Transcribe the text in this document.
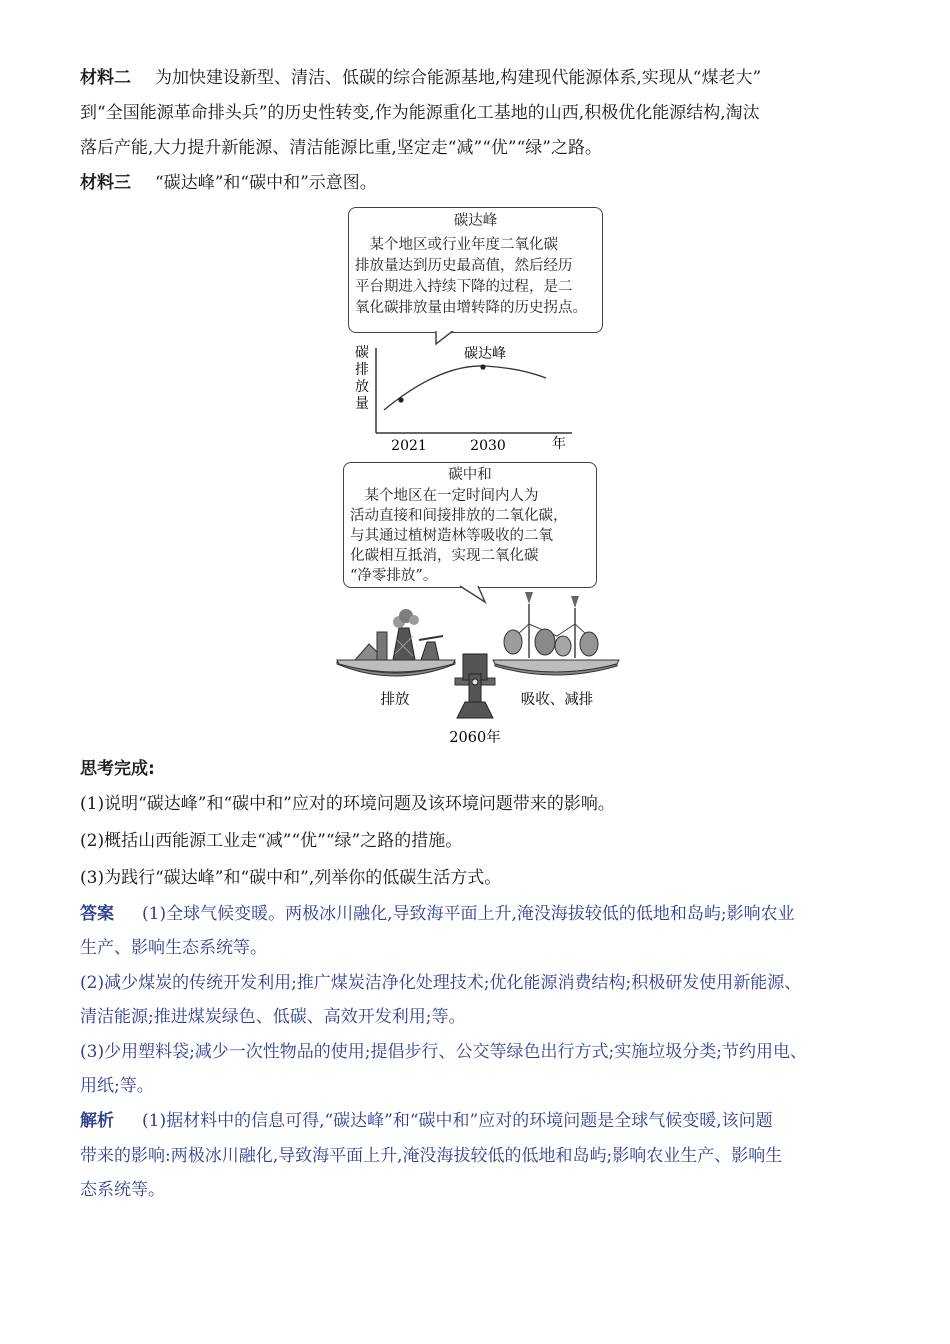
材料二 为加快建设新型、清洁、低碳的综合能源基地,构建现代能源体系,实现从“煤老大”
到“全国能源革命排头兵”的历史性转变,作为能源重化工基地的山西,积极优化能源结构,淘汰
落后产能,大力提升新能源、清洁能源比重,坚定走“减”“优”“绿”之路。
材料三 “碳达峰”和“碳中和”示意图。
碳达峰
　某个地区或行业年度二氧化碳
排放量达到历史最高值，然后经历
平台期进入持续下降的过程，是二
氧化碳排放量由增转降的历史拐点。
碳
排
放
量
碳达峰
2021	2030	年
碳中和
　某个地区在一定时间内人为
活动直接和间接排放的二氧化碳，
与其通过植树造林等吸收的二氧
化碳相互抵消，实现二氧化碳
“净零排放”。
排放	吸收、减排
2060年
思考完成:
(1)说明“碳达峰”和“碳中和”应对的环境问题及该环境问题带来的影响。
(2)概括山西能源工业走“减”“优”“绿”之路的措施。
(3)为践行“碳达峰”和“碳中和”,列举你的低碳生活方式。
答案 (1)全球气候变暖。两极冰川融化,导致海平面上升,淹没海拔较低的低地和岛屿;影响农业
生产、影响生态系统等。
(2)减少煤炭的传统开发利用;推广煤炭洁净化处理技术;优化能源消费结构;积极研发使用新能源、
清洁能源;推进煤炭绿色、低碳、高效开发利用;等。
(3)少用塑料袋;减少一次性物品的使用;提倡步行、公交等绿色出行方式;实施垃圾分类;节约用电、
用纸;等。
解析 (1)据材料中的信息可得,“碳达峰”和“碳中和”应对的环境问题是全球气候变暖,该问题
带来的影响:两极冰川融化,导致海平面上升,淹没海拔较低的低地和岛屿;影响农业生产、影响生
态系统等。
